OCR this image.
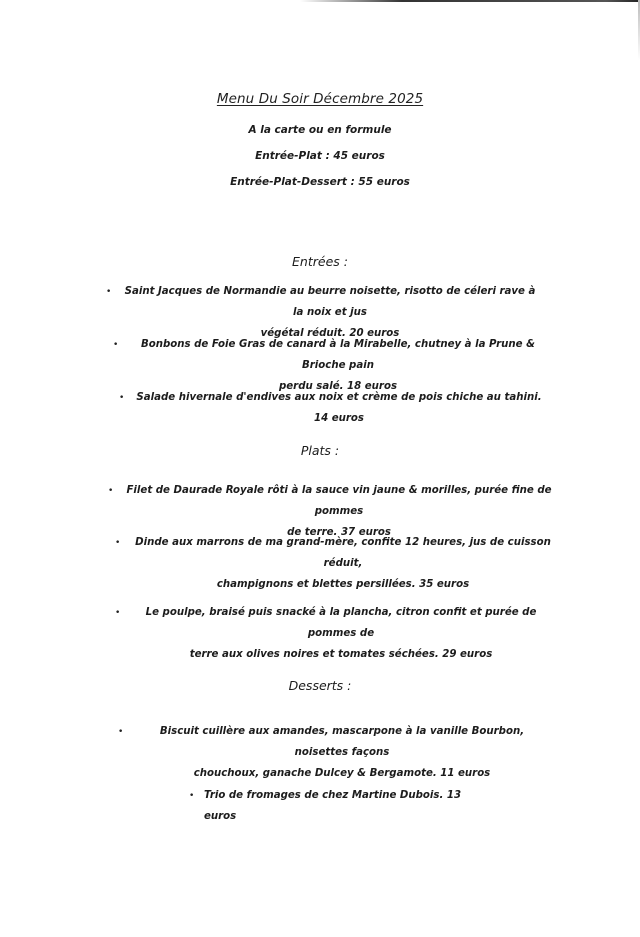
Menu Du Soir Décembre 2025
A la carte ou en formule
Entrée-Plat : 45 euros
Entrée-Plat-Dessert : 55 euros
Entrées :
•	Saint Jacques de Normandie au beurre noisette, risotto de céleri rave à la noix et jus
végétal réduit. 20 euros
•	Bonbons de Foie Gras de canard à la Mirabelle, chutney à la Prune & Brioche pain
perdu salé. 18 euros
• Salade hivernale d'endives aux noix et crème de pois chiche au tahini. 14 euros
Plats :
• Filet de Daurade Royale rôti à la sauce vin jaune & morilles, purée fine de pommes
de terre. 37 euros
•	Dinde aux marrons de ma grand-mère, confite 12 heures, jus de cuisson réduit,
champignons et blettes persillées. 35 euros
•	Le poulpe, braisé puis snacké à la plancha, citron confit et purée de pommes de
terre aux olives noires et tomates séchées. 29 euros
Desserts :
•	Biscuit cuillère aux amandes, mascarpone à la vanille Bourbon, noisettes façons
chouchoux, ganache Dulcey & Bergamote. 11 euros
• Trio de fromages de chez Martine Dubois. 13 euros
